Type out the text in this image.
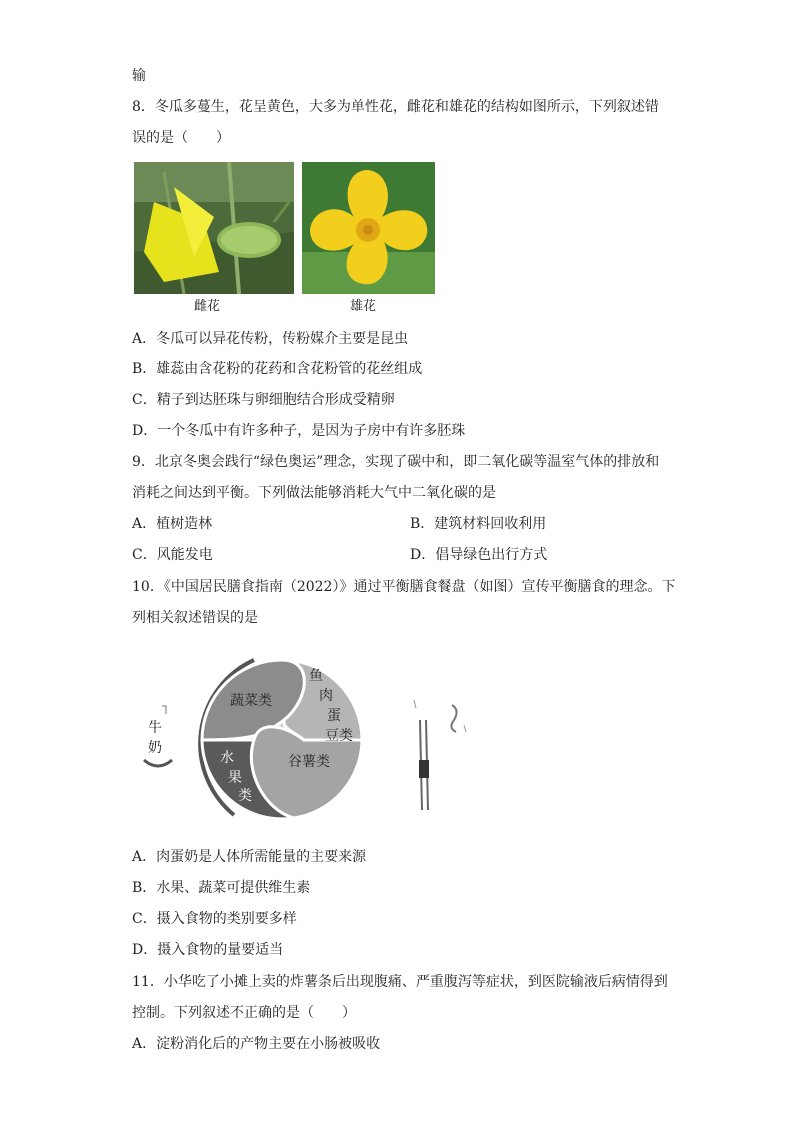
输
8．冬瓜多蔓生，花呈黄色，大多为单性花，雌花和雄花的结构如图所示，下列叙述错
误的是（　　）
雌花	雄花
A．冬瓜可以异花传粉，传粉媒介主要是昆虫
B．雄蕊由含花粉的花药和含花粉管的花丝组成
C．精子到达胚珠与卵细胞结合形成受精卵
D．一个冬瓜中有许多种子，是因为子房中有许多胚珠
9．北京冬奥会践行“绿色奥运”理念，实现了碳中和，即二氧化碳等温室气体的排放和
消耗之间达到平衡。下列做法能够消耗大气中二氧化碳的是
A．植树造林	B．建筑材料回收利用
C．风能发电	D．倡导绿色出行方式
10．《中国居民膳食指南（2022）》通过平衡膳食餐盘（如图）宣传平衡膳食的理念。下
列相关叙述错误的是
蔬菜类
鱼
肉
蛋
豆类
水
果
类
谷薯类
牛
奶
A．肉蛋奶是人体所需能量的主要来源
B．水果、蔬菜可提供维生素
C．摄入食物的类别要多样
D．摄入食物的量要适当
11．小华吃了小摊上卖的炸薯条后出现腹痛、严重腹泻等症状，到医院输液后病情得到
控制。下列叙述不正确的是（　　）
A．淀粉消化后的产物主要在小肠被吸收
